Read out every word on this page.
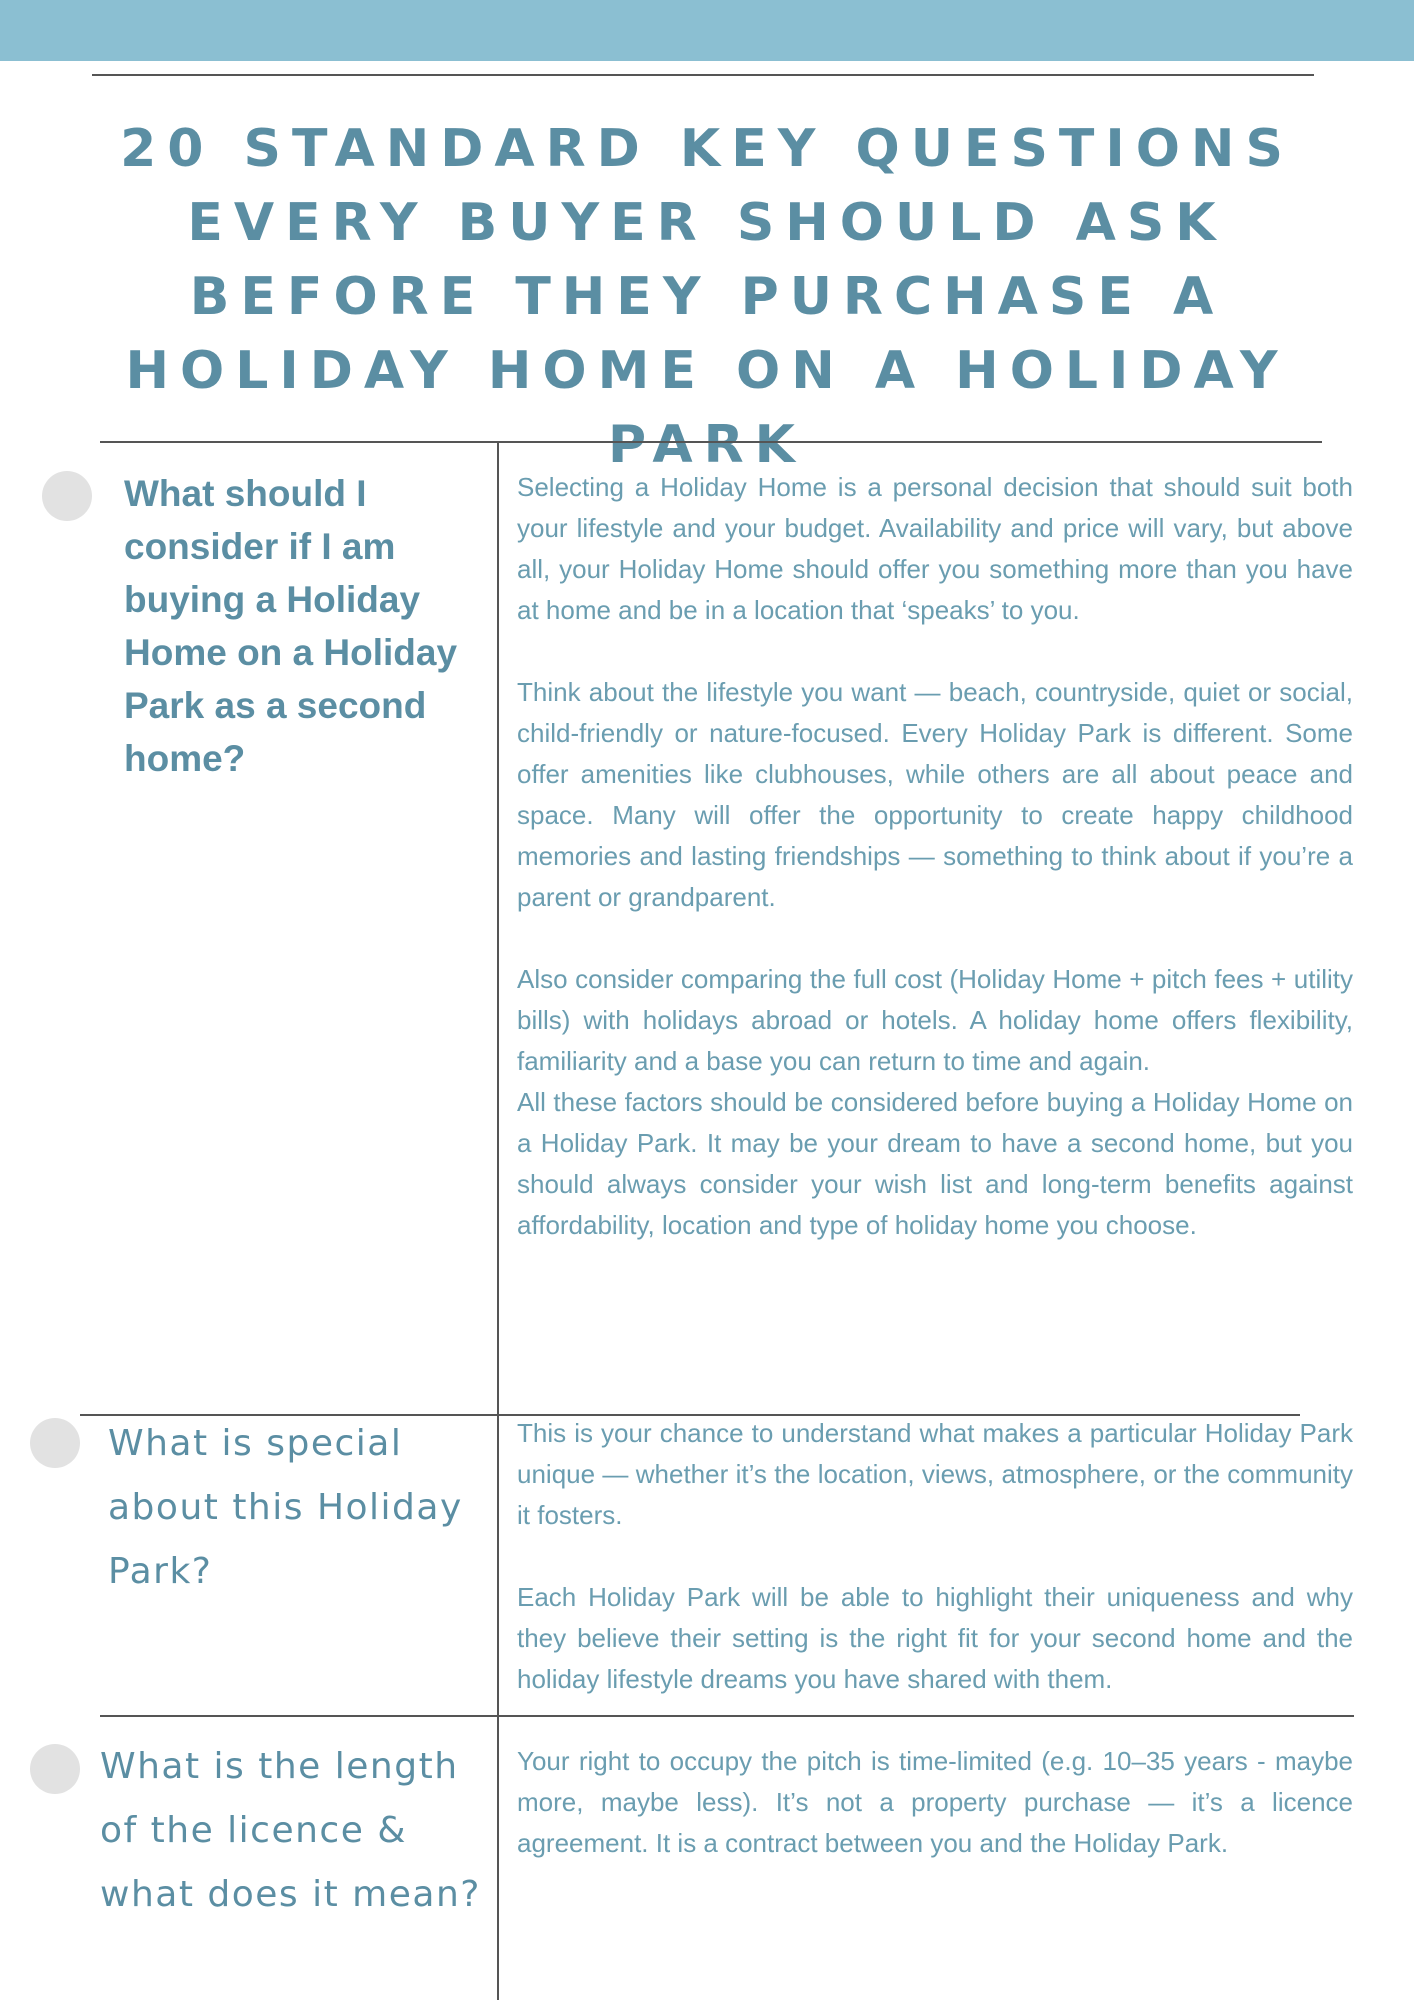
20 STANDARD KEY QUESTIONS EVERY BUYER SHOULD ASK BEFORE THEY PURCHASE A HOLIDAY HOME ON A HOLIDAY PARK
What should I consider if I am buying a Holiday Home on a Holiday Park as a second home?

Selecting a Holiday Home is a personal decision that should suit both your lifestyle and your budget. Availability and price will vary, but above all, your Holiday Home should offer you something more than you have at home and be in a location that ‘speaks’ to you.

Think about the lifestyle you want — beach, countryside, quiet or social, child-friendly or nature-focused. Every Holiday Park is different. Some offer amenities like clubhouses, while others are all about peace and space. Many will offer the opportunity to create happy childhood memories and lasting friendships — something to think about if you’re a parent or grandparent.

Also consider comparing the full cost (Holiday Home + pitch fees + utility bills) with holidays abroad or hotels. A holiday home offers flexibility, familiarity and a base you can return to time and again.

All these factors should be considered before buying a Holiday Home on a Holiday Park. It may be your dream to have a second home, but you should always consider your wish list and long-term benefits against affordability, location and type of holiday home you choose.

What is special about this Holiday Park?

This is your chance to understand what makes a particular Holiday Park unique — whether it’s the location, views, atmosphere, or the community it fosters.

Each Holiday Park will be able to highlight their uniqueness and why they believe their setting is the right fit for your second home and the holiday lifestyle dreams you have shared with them.

What is the length of the licence & what does it mean?

Your right to occupy the pitch is time-limited (e.g. 10–35 years - maybe more, maybe less). It’s not a property purchase — it’s a licence agreement. It is a contract between you and the Holiday Park.
